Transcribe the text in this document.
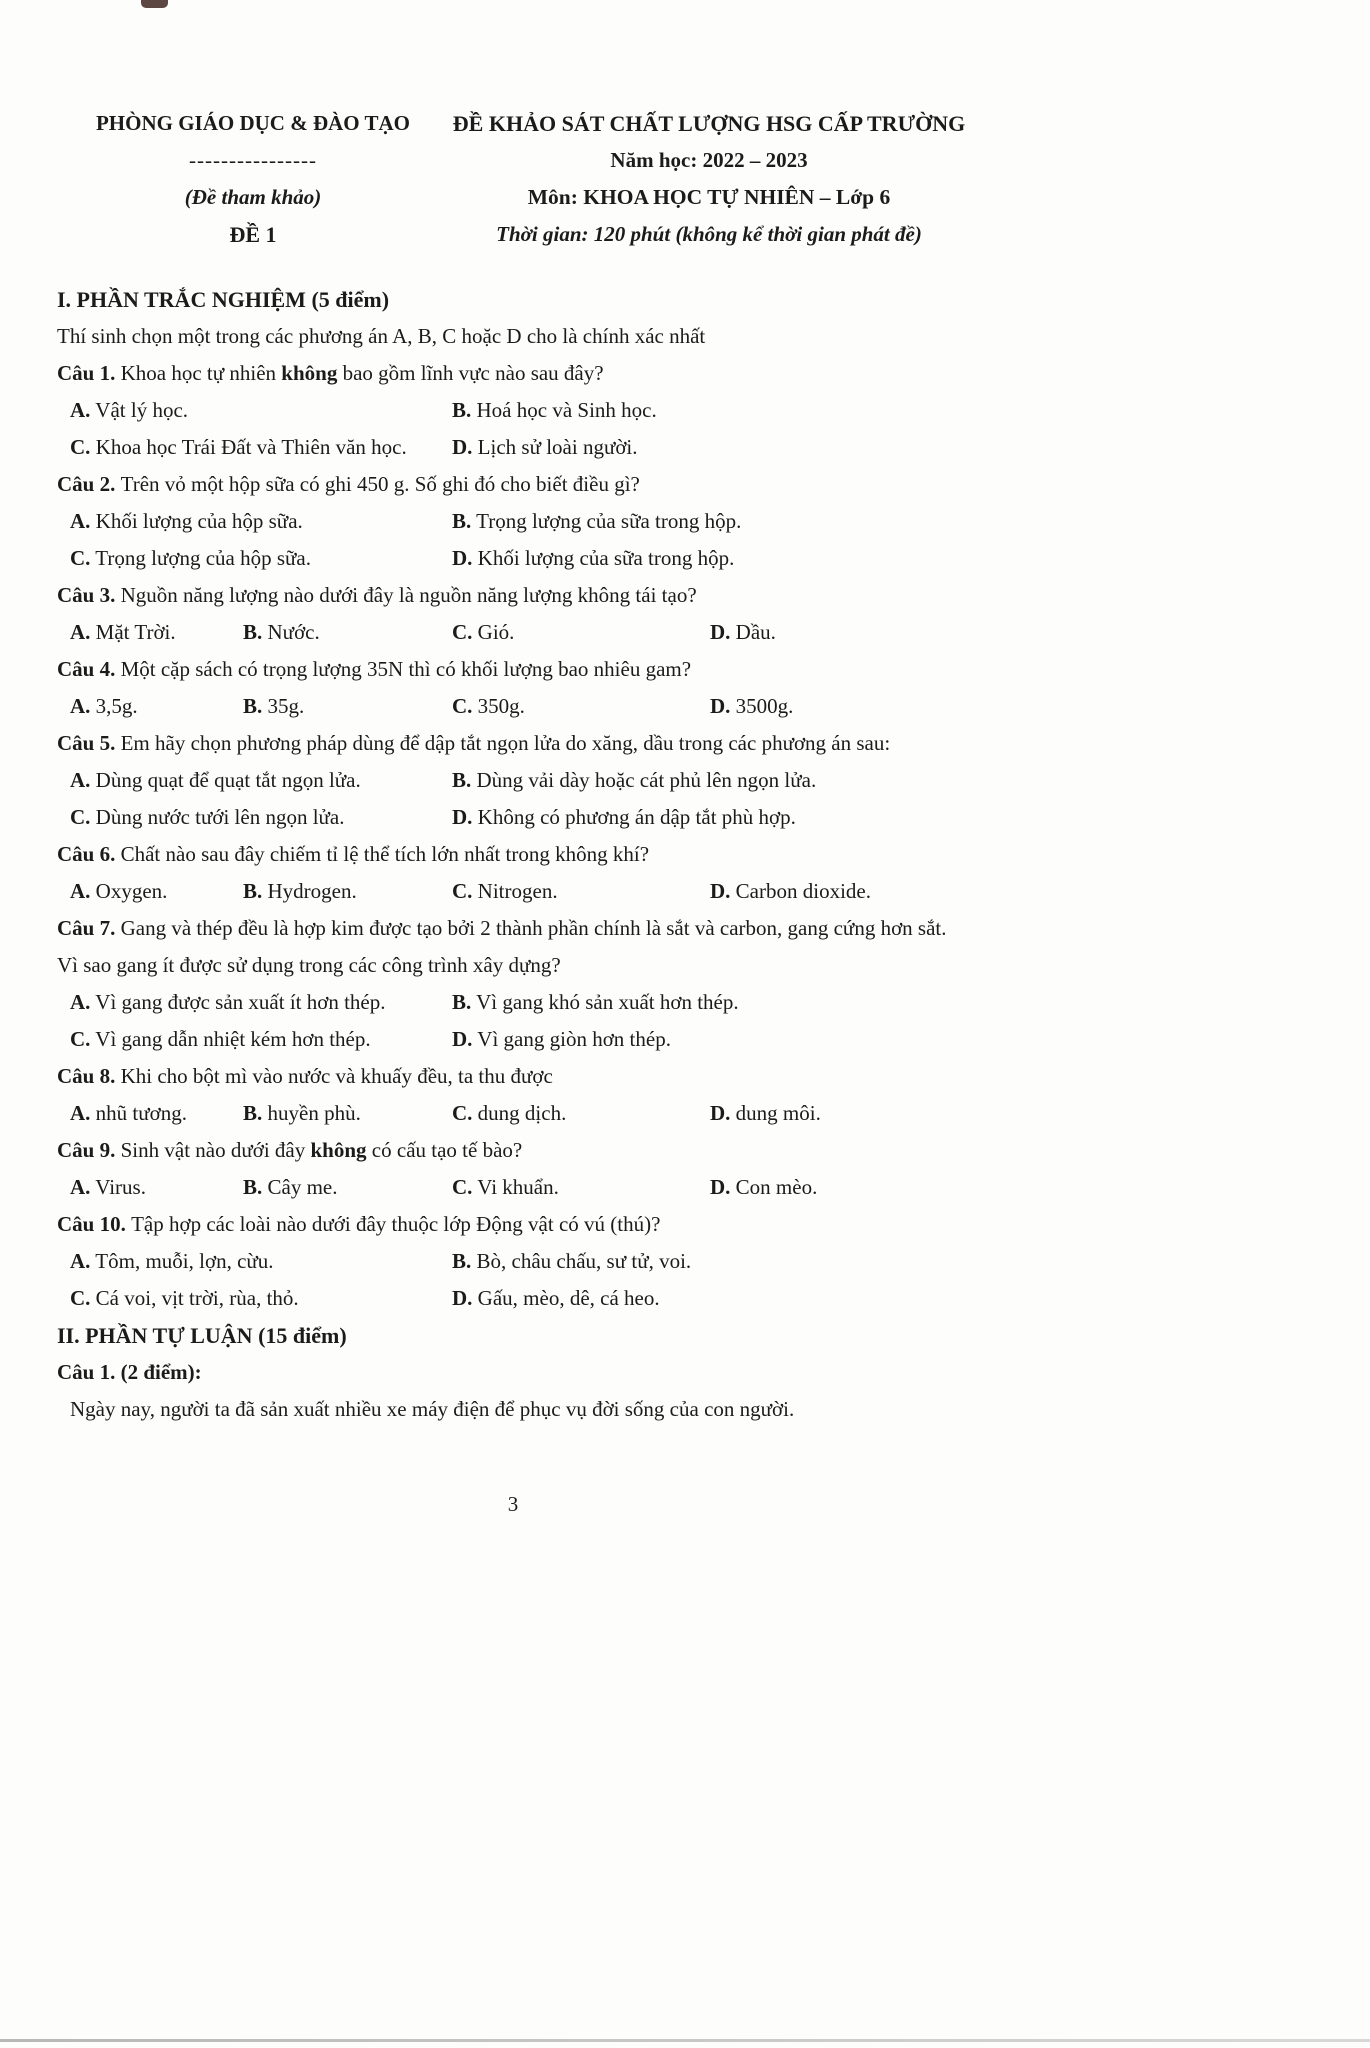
PHÒNG GIÁO DỤC & ĐÀO TẠO
----------------
(Đề tham khảo)
ĐỀ 1
ĐỀ KHẢO SÁT CHẤT LƯỢNG HSG CẤP TRƯỜNG
Năm học: 2022 – 2023
Môn: KHOA HỌC TỰ NHIÊN – Lớp 6
Thời gian: 120 phút (không kể thời gian phát đề)
I. PHẦN TRẮC NGHIỆM (5 điểm)
Thí sinh chọn một trong các phương án A, B, C hoặc D cho là chính xác nhất
Câu 1. Khoa học tự nhiên không bao gồm lĩnh vực nào sau đây?
A. Vật lý học.	B. Hoá học và Sinh học.
C. Khoa học Trái Đất và Thiên văn học.	D. Lịch sử loài người.
Câu 2. Trên vỏ một hộp sữa có ghi 450 g. Số ghi đó cho biết điều gì?
A. Khối lượng của hộp sữa.	B. Trọng lượng của sữa trong hộp.
C. Trọng lượng của hộp sữa.	D. Khối lượng của sữa trong hộp.
Câu 3. Nguồn năng lượng nào dưới đây là nguồn năng lượng không tái tạo?
A. Mặt Trời.	B. Nước.	C. Gió.	D. Dầu.
Câu 4. Một cặp sách có trọng lượng 35N thì có khối lượng bao nhiêu gam?
A. 3,5g.	B. 35g.	C. 350g.	D. 3500g.
Câu 5. Em hãy chọn phương pháp dùng để dập tắt ngọn lửa do xăng, dầu trong các phương án sau:
A. Dùng quạt để quạt tắt ngọn lửa.	B. Dùng vải dày hoặc cát phủ lên ngọn lửa.
C. Dùng nước tưới lên ngọn lửa.	D. Không có phương án dập tắt phù hợp.
Câu 6. Chất nào sau đây chiếm tỉ lệ thể tích lớn nhất trong không khí?
A. Oxygen.	B. Hydrogen.	C. Nitrogen.	D. Carbon dioxide.
Câu 7. Gang và thép đều là hợp kim được tạo bởi 2 thành phần chính là sắt và carbon, gang cứng hơn sắt. Vì sao gang ít được sử dụng trong các công trình xây dựng?
A. Vì gang được sản xuất ít hơn thép.	B. Vì gang khó sản xuất hơn thép.
C. Vì gang dẫn nhiệt kém hơn thép.	D. Vì gang giòn hơn thép.
Câu 8. Khi cho bột mì vào nước và khuấy đều, ta thu được
A. nhũ tương.	B. huyền phù.	C. dung dịch.	D. dung môi.
Câu 9. Sinh vật nào dưới đây không có cấu tạo tế bào?
A. Virus.	B. Cây me.	C. Vi khuẩn.	D. Con mèo.
Câu 10. Tập hợp các loài nào dưới đây thuộc lớp Động vật có vú (thú)?
A. Tôm, muỗi, lợn, cừu.	B. Bò, châu chấu, sư tử, voi.
C. Cá voi, vịt trời, rùa, thỏ.	D. Gấu, mèo, dê, cá heo.
II. PHẦN TỰ LUẬN (15 điểm)
Câu 1. (2 điểm):
Ngày nay, người ta đã sản xuất nhiều xe máy điện để phục vụ đời sống của con người.
3
